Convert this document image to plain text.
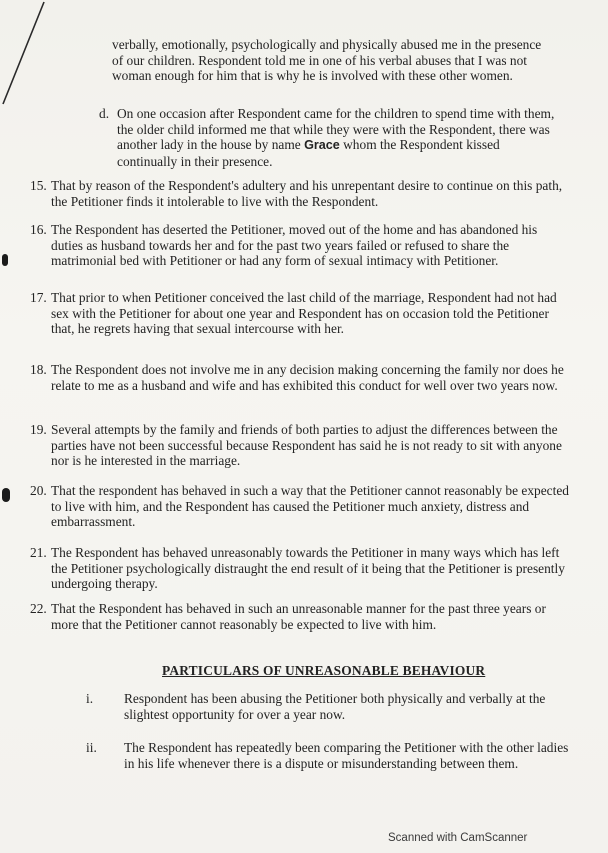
verbally, emotionally, psychologically and physically abused me in the presence of our children. Respondent told me in one of his verbal abuses that I was not woman enough for him that is why he is involved with these other women.
d. On one occasion after Respondent came for the children to spend time with them, the older child informed me that while they were with the Respondent, there was another lady in the house by name Grace whom the Respondent kissed continually in their presence.
15. That by reason of the Respondent's adultery and his unrepentant desire to continue on this path, the Petitioner finds it intolerable to live with the Respondent.
16. The Respondent has deserted the Petitioner, moved out of the home and has abandoned his duties as husband towards her and for the past two years failed or refused to share the matrimonial bed with Petitioner or had any form of sexual intimacy with Petitioner.
17. That prior to when Petitioner conceived the last child of the marriage, Respondent had not had sex with the Petitioner for about one year and Respondent has on occasion told the Petitioner that, he regrets having that sexual intercourse with her.
18. The Respondent does not involve me in any decision making concerning the family nor does he relate to me as a husband and wife and has exhibited this conduct for well over two years now.
19. Several attempts by the family and friends of both parties to adjust the differences between the parties have not been successful because Respondent has said he is not ready to sit with anyone nor is he interested in the marriage.
20. That the respondent has behaved in such a way that the Petitioner cannot reasonably be expected to live with him, and the Respondent has caused the Petitioner much anxiety, distress and embarrassment.
21. The Respondent has behaved unreasonably towards the Petitioner in many ways which has left the Petitioner psychologically distraught the end result of it being that the Petitioner is presently undergoing therapy.
22. That the Respondent has behaved in such an unreasonable manner for the past three years or more that the Petitioner cannot reasonably be expected to live with him.
PARTICULARS OF UNREASONABLE BEHAVIOUR
i. Respondent has been abusing the Petitioner both physically and verbally at the slightest opportunity for over a year now.
ii. The Respondent has repeatedly been comparing the Petitioner with the other ladies in his life whenever there is a dispute or misunderstanding between them.
Scanned with CamScanner
